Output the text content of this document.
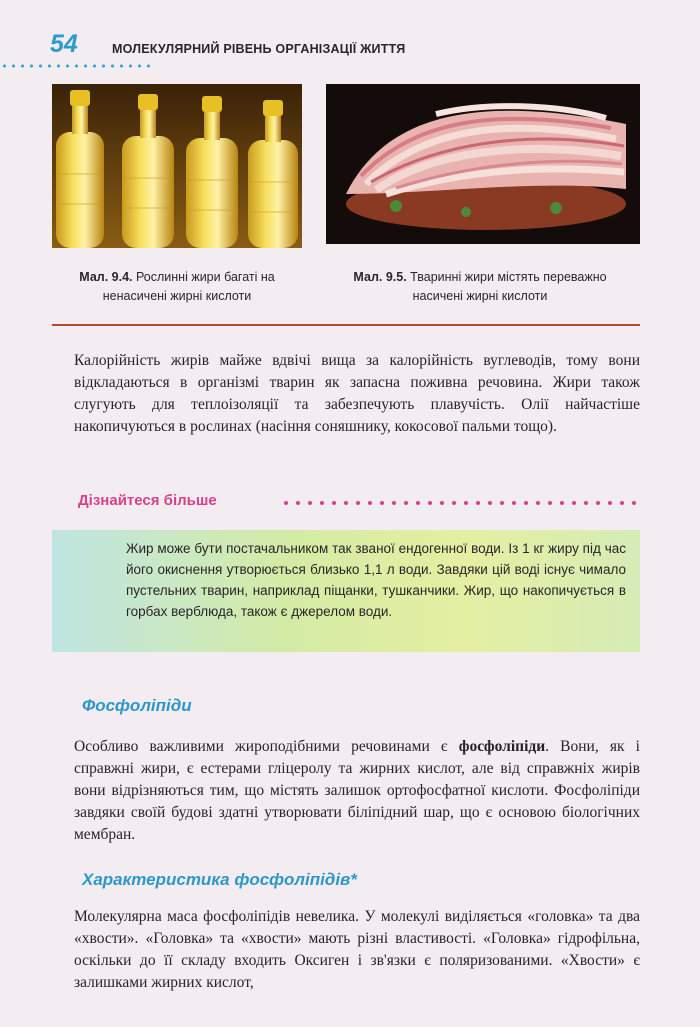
54	МОЛЕКУЛЯРНИЙ РІВЕНЬ ОРГАНІЗАЦІЇ ЖИТТЯ
Мал. 9.4. Рослинні жири багаті на ненасичені жирні кислоти
Мал. 9.5. Тваринні жири містять переважно насичені жирні кислоти
Калорійність жирів майже вдвічі вища за калорійність вуглеводів, тому вони відкладаються в організмі тварин як запасна поживна речовина. Жири також слугують для теплоізоляції та забезпечують плавучість. Олії найчастіше накопичуються в рослинах (насіння соняшнику, кокосової пальми тощо).
Дізнайтеся більше
Жир може бути постачальником так званої ендогенної води. Із 1 кг жиру під час його окиснення утворюється близько 1,1 л води. Завдяки цій воді існує чимало пустельних тварин, наприклад піщанки, тушканчики. Жир, що накопичується в горбах верблюда, також є джерелом води.
Фосфоліпіди
Особливо важливими жироподібними речовинами є фосфоліпіди. Вони, як і справжні жири, є естерами гліцеролу та жирних кислот, але від справжніх жирів вони відрізняються тим, що містять залишок ортофосфатної кислоти. Фосфоліпіди завдяки своїй будові здатні утворювати біліпідний шар, що є основою біологічних мембран.
Характеристика фосфоліпідів*
Молекулярна маса фосфоліпідів невелика. У молекулі виділяється «головка» та два «хвости». «Головка» та «хвости» мають різні властивості. «Головка» гідрофільна, оскільки до її складу входить Оксиген і зв'язки є поляризованими. «Хвости» є залишками жирних кислот,
